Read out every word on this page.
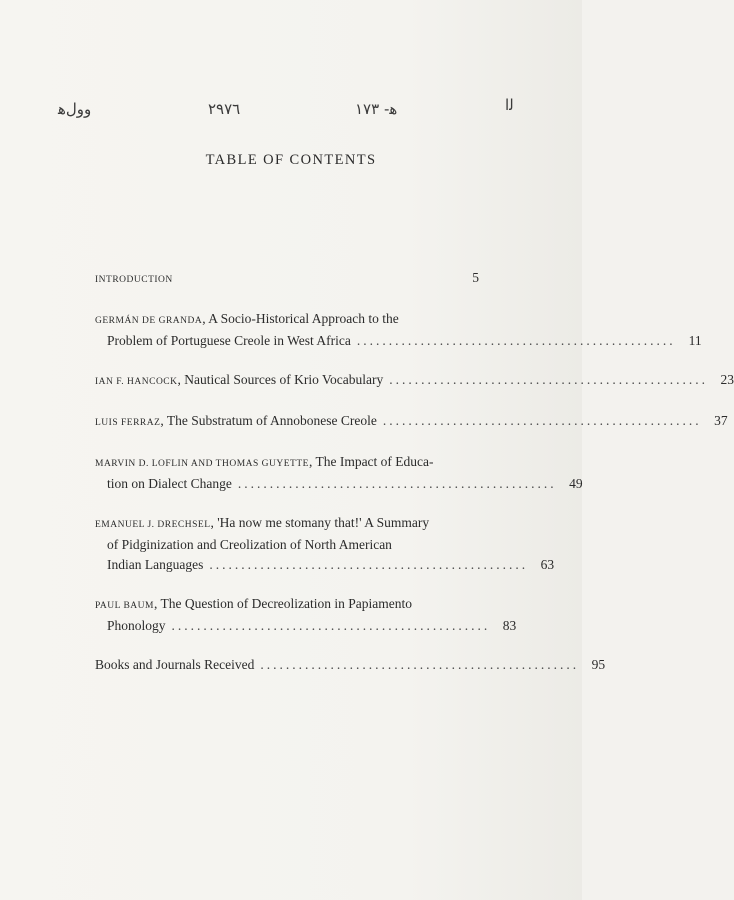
ﻭﻭﻝﻫ	٢٩٧٦	ﻫ- ١٧٣	ﻟﺍ
TABLE OF CONTENTS
INTRODUCTION	5
GERMÁN DE GRANDA, A Socio-Historical Approach to the
Problem of Portuguese Creole in West Africa .................................................. 11
IAN F. HANCOCK, Nautical Sources of Krio Vocabulary .................................................. 23
LUIS FERRAZ, The Substratum of Annobonese Creole .................................................. 37
MARVIN D. LOFLIN AND THOMAS GUYETTE, The Impact of Educa-
tion on Dialect Change .................................................. 49
EMANUEL J. DRECHSEL, 'Ha now me stomany that!' A Summary
of Pidginization and Creolization of North American
Indian Languages .................................................. 63
PAUL BAUM, The Question of Decreolization in Papiamento
Phonology .................................................. 83
Books and Journals Received .................................................. 95
